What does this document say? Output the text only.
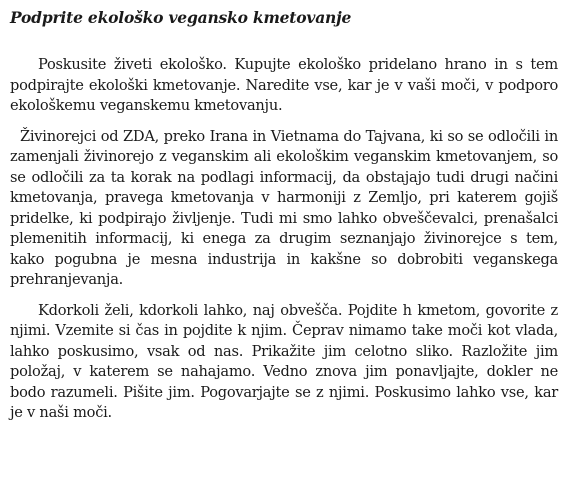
Podprite ekološko vegansko kmetovanje

Poskusite živeti ekološko. Kupujte ekološko pridelano hrano in s tem podpirajte ekološki kmetovanje. Naredite vse, kar je v vaši moči, v podporo ekološkemu veganskemu kmetovanju.

Živinorejci od ZDA, preko Irana in Vietnama do Tajvana, ki so se odločili in zamenjali živinorejo z veganskim ali ekološkim veganskim kmetovanjem, so se odločili za ta korak na podlagi informacij, da obstajajo tudi drugi načini kmetovanja, pravega kmetovanja v harmoniji z Zemljo, pri katerem gojiš pridelke, ki podpirajo življenje. Tudi mi smo lahko obveščevalci, prenašalci plemenitih informacij, ki enega za drugim seznanjajo živinorejce s tem, kako pogubna je mesna industrija in kakšne so dobrobiti veganskega prehranjevanja.

Kdorkoli želi, kdorkoli lahko, naj obvešča. Pojdite h kmetom, govorite z njimi. Vzemite si čas in pojdite k njim. Čeprav nimamo take moči kot vlada, lahko poskusimo, vsak od nas. Prikažite jim celotno sliko. Razložite jim položaj, v katerem se nahajamo. Vedno znova jim ponavljajte, dokler ne bodo razumeli. Pišite jim. Pogovarjajte se z njimi. Poskusimo lahko vse, kar je v naši moči.
